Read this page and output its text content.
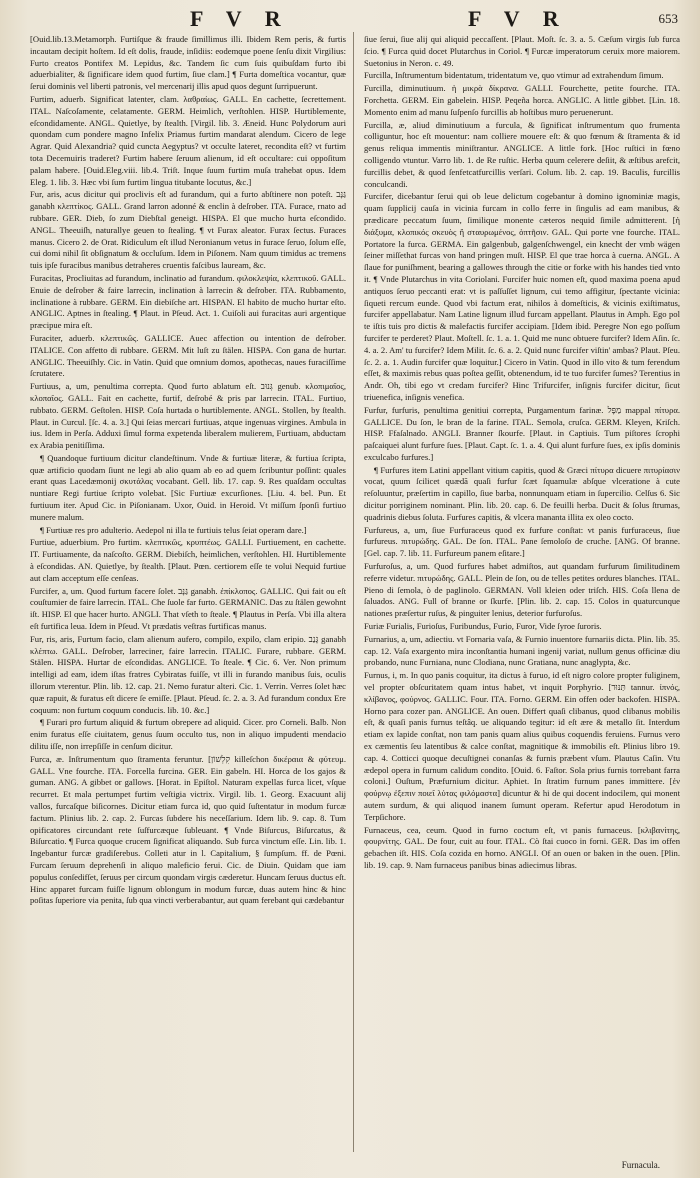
F V R	F V R	653

[Ouid.lib.13.Metamorph. Furtiſque & fraude ſimillimus illi. Ibidem Rem peris, & furtis incautam decipit hoſtem. Id eſt dolis, fraude, inſidiis: eodemque poene ſenſu dixit Virgilius: Furto creatos Pontifex M. Lepidus, &c. Tandem ſic cum ſuis quibuſdam furto ibi aduerbialiter, & ſignificare idem quod furtim, ſiue clam.] ¶ Furta domeſtica vocantur, quæ ſerui dominis vel liberti patronis, vel mercenarij illis apud quos degunt ſurripuerunt.

Furtim, aduerb. Significat latenter, clam. λαθραίως. GALL. En cachette, ſecrettement. ITAL. Naſcoſamente, celatamente. GERM. Heimlich, verſtohlen. HISP. Hurtiblemente, eſcondidamente. ANGL. Quietlye, by ſtealth. [Virgil. lib. 3. Æneid. Hunc Polydorum auri quondam cum pondere magno Infelix Priamus furtim mandarat alendum. Cicero de lege Agrar. Quid Alexandria? quid cuncta Aegyptus? vt occulte lateret, recondita eſt? vt furtim tota Decemuiris traderet? Furtim habere ſeruum alienum, id eſt occultare: cui oppoſitum palam habere. [Ouid.Eleg.viii. lib.4. Triſt. Inque ſuum furtim muſa trahebat opus. Idem Eleg. 1. lib. 3. Hæc vbi ſum furtim lingua titubante locutus, &c.]

Fur, aris, acus dicitur qui proclivis eſt ad furandum, qui a furto abſtinere non poteſt. גַּנָּב ganabh κλεπτίκος. GALL. Grand larron adonné & enclin à deſrober. ITA. Furace, rnato ad rubbare. GER. Dieb, ſo zum Diebſtal geneigt. HISPA. El que mucho hurta eſcondido. ANGL. Theeuiſh, naturallye geuen to ſtealing. ¶ vt Furax aleator. Furax ſectus. Furaces manus. Cicero 2. de Orat. Ridiculum eſt illud Neronianum vetus in furace ſeruo, ſolum eſſe, cui domi nihil ſit obſignatum & occluſum. Idem in Piſonem. Nam quum timidus ac tremens tuis ipſe furacibus manibus detraheres cruentis faſcibus lauream, &c.

Furacitas, Procliuitas ad furandum, inclinatio ad furandum. φιλοκλεψία, κλεπτικοῦ. GALL. Enuie de deſrober & faire larrecin, inclination à larrecin & deſrober. ITA. Rubbamento, inclinatione à rubbare. GERM. Ein diebiſche art. HISPAN. El habito de mucho hurtar eſto. ANGLIC. Aptnes in ſtealing. ¶ Plaut. in Pſeud. Act. 1. Cuiſoli aui furacitas auri argentique præcipue mira eſt.

Furaciter, aduerb. κλεπτικῶς. GALLICE. Auec affection ou intention de deſrober. ITALICE. Con affetto di rubbare. GERM. Mit luſt zu ſtälen. HISPA. Con gana de hurtar. ANGLIC. Theeuiſhly. Cic. in Vatin. Quid que omnium domos, apothecas, naues furaciſſime ſcrutatere.

Furtiuus, a, um, penultima correpta. Quod furto ablatum eſt. גְּנוּב genub. κλοπιμαῖος, κλοπαῖος. GALL. Fait en cachette, furtif, deſrobé & pris par larrecin. ITAL. Furtiuo, rubbato. GERM. Geſtolen. HISP. Coſa hurtada o hurtiblemente. ANGL. Stollen, by ſtealth. Plaut. in Curcul. [ſc. 4. a. 3.] Qui ſeias mercari furtiuas, atque ingenuas virgines. Ambula in ius. Idem in Perſa. Adduxi ſimul forma expetenda liberalem mulierem, Furtiuam, abductam ex Arabia penitiſſima.

¶ Quandoque furtiuum dicitur clandeſtinum. Vnde & furtiuæ literæ, & furtiua ſcripta, quæ artificio quodam ſiunt ne legi ab alio quam ab eo ad quem ſcribuntur poſſint: quales erant quas Lacedæmonij σκυτάλας vocabant. Gell. lib. 17. cap. 9. Res quaſdam occultas nuntiare Regi furtiue ſcripto volebat. [Sic Furtiuæ excurſiones. [Liu. 4. bel. Pun. Et furtiuum iter. Apud Cic. in Piſonianam. Uxor, Ouid. in Heroid. Vt miſſum ſponſi furtiuo munere malum.

¶ Furtiuæ res pro adulterio. Aedepol ni illa te furtiuis telus ſeiat operam dare.]

Furtiue, aduerbium. Pro furtim. κλεπτικῶς, κρυπτέως. GALLI. Furtiuement, en cachette. IT. Furtiuamente, da naſcoſto. GERM. Diebiſch, heimlichen, verſtohlen. HI. Hurtiblemente à eſcondidas. AN. Quietlye, by ſtealth. [Plaut. Pœn. certiorem eſſe te volui Nequid furtiue aut clam acceptum eſſe cenſeas.

Furcifer, a, um. Quod furtum facere ſolet. גַּנָּב ganabh. ἐπίκλοπος. GALLIC. Qui fait ou eſt couſtumier de faire larrecin. ITAL. Che ſuole far furto. GERMANIC. Das zu ſtälen gewohnt iſt. HISP. El que hacer hurto. ANGLI. That vſeth to ſteale. ¶ Plautus in Perſa. Vbi illa altera eſt furtifica leua. Idem in Pſeud. Vt prædatis veſtras furtificas manus.

Fur, ris, aris, Furtum facio, clam alienum aufero, compilo, expilo, clam eripio. גָּנַב ganabh κλέπτω. GALL. Deſrober, larreciner, faire larrecin. ITALIC. Furare, rubbare. GERM. Stälen. HISPA. Hurtar de eſcondidas. ANGLICE. To ſteale. ¶ Cic. 6. Ver. Non primum intelligi ad eam, idem iſtas fratres Cybiratas fuiſſe, vt illi in furando manibus ſuis, oculis illorum vterentur. Plin. lib. 12. cap. 21. Nemo furatur alteri. Cic. 1. Verrin. Verres ſolet hæc quæ rapuit, & furatus eſt dicere ſe emiſſe. [Plaut. Pſeud. ſc. 2. a. 3. Ad furandum condux Ere coquum: non furtum coquum conducis. lib. 10. &c.]

¶ Furari pro furtum aliquid & furtum obrepere ad aliquid. Cicer. pro Corneli. Balb. Non enim furatus eſſe ciuitatem, genus ſuum occulto tus, non in aliquo impudenti mendacio dilitu iſſe, non irrepſiſſe in cenſum dicitur.

Furca, æ. Inſtrumentum quo ſtramenta feruntur. [קִלְשׁוֹן killeſchon δικέραια & φύτευμ. GALL. Vne fourche. ITA. Forcella furcina. GER. Ein gabeln. HI. Horca de los gajos & guman. ANG. A gibbet or gallows. [Horat. in Epiſtol. Naturam expellas furca licet, vſque recurret. Et mala pertumpet furtim veſtigia victrix. Virgil. lib. 1. Georg. Exacuunt alij vallos, furcaſque biſicornes. Dicitur etiam furca id, quo quid ſuſtentatur in modum furcæ factum. Plinius lib. 2. cap. 2. Furcas ſubdere his neceſſarium. Idem lib. 9. cap. 8. Tum opificatores circundant rete ſuſfurcæque ſubleuant. ¶ Vnde Biſurcus, Biſurcatus, & Biſurcatio. ¶ Furca quoque crucem ſignificat aliquando. Sub furca vinctum eſſe. Lin. lib. 1. Ingebantur furcæ gradiſerebus. Colleti atur in l. Capitalium, § ſumpſum. ff. de Pœni. Furcam ſeruum deprehenſi in aliquo maleficio ferui. Cic. de Diuin. Quidam que iam populus conſedifſet, ſeruus per circum quondam virgis cæderetur. Huncam ſeruus ductus eſt. Hinc apparet furcam fuiſſe lignum oblongum in modum furcæ, duas autem hinc & hinc poſitas ſuperiore via penita, ſub qua vincti verberabantur, aut quam ferebant qui cædebantur

ſiue ſerui, ſiue alij qui aliquid peccaſſent. [Plaut. Moſt. ſc. 3. a. 5. Cæſum virgis ſub furca ſcio. ¶ Furca quid docet Plutarchus in Coriol. ¶ Furcæ imperatorum ceruix more maiorem. Suetonius in Neron. c. 49.

Furcilla, Inſtrumentum bidentatum, tridentatum ve, quo vtimur ad extrahendum ſimum.

Furcilla, diminutiuum. ἡ μικρὰ δίκρανα. GALLI. Fourchette, petite fourche. ITA. Forchetta. GERM. Ein gabelein. HISP. Peqeña horca. ANGLIC. A little gibbet. [Lin. 18. Momento enim ad manu ſuſpenſo furcillis ab hoſtibus muro peruenerunt.

Furcilla, æ, aliud diminutiuum a furcula, & ſignificat inſtrumentum quo frumenta colliguntur, hoc eſt mouentur: nam colliere mouere eſt: & quo fœnum & ſtramenta & id genus reliqua immentis miniſtrantur. ANGLICE. A little fork. [Hoc ruſtici in fœno colligendo vtuntur. Varro lib. 1. de Re ruſtic. Herba quum celerere deſiit, & æſtibus arefcit, furcillis debet, & quod ſenfetcatfurcillis verſari. Colum. lib. 2. cap. 19. Baculis, furcillis conculcandi.

Furcifer, dicebantur ſerui qui ob leue delictum cogebantur à domino ignominiæ magis, quam ſupplicij cauſa in vicinia furcam in collo ferre in ſingulis ad eam manibus, & prædicare peccatum ſuum, ſimilique monente cæteros nequid ſimile admitterent. [ἡ διάξυμα, κλοπικός σκευὸς ἢ σταυρωμένος, ὁπτῆσιν. GAL. Qui porte vne fourche. ITAL. Portatore la furca. GERMA. Ein galgenbub, galgenſchwengel, ein knecht der vmb wägen ſeiner miſſethat furcas von hand pringen muſt. HISP. El que trae horca à cuerna. ANGL. A ſlaue for puniſhment, bearing a gallowes through the citie or forke with his handes tied vnto it. ¶ Vnde Plutarchus in vita Coriolani. Furcifer huic nomen eſt, quod maxima poena apud antiquos ſeruo peccanti erat: vt is paſſuſſet lignum, cui temo affigitur, ſpectante vicinia: ſiqueti rercum eunde. Quod vbi factum erat, nihilos à domeſticis, & vicinis exiſtimatus, furcifer appellabatur. Nam Latine lignum illud furcam appellant. Plautus in Amph. Ego pol te iſtis tuis pro dictis & malefactis furcifer accipiam. [Idem ibid. Peregre Non ego poſſum furcifer te perderet? Plaut. Moſtell. ſc. 1. a. 1. Quid me nunc obtuere furcifer? Idem Aſin. ſc. 4. a. 2. Am' tu furcifer? Idem Milit. ſc. 6. a. 2. Quid nunc furcifer viſtin' ambas? Plaut. Pſeu. ſc. 2. a. 1. Audin furcifer quæ loquitur.] Cicero in Vatin. Quod in illo vito & tum ferendum eſſet, & maximis rebus quas poſtea geſſit, obtenendum, id te tuo furcifer ſumes? Terentius in Andr. Oh, tibi ego vt credam furcifer? Hinc Trifurcifer, inſignis furcifer dicitur, ſicut triuenefica, inſignis venefica.

Furfur, furfuris, penultima genitiui correpta, Purgamentum farinæ. מַפָּל mappal πίτυρα. GALLICE. Du ſon, le bran de la farine. ITAL. Semola, cruſca. GERM. Kleyen, Kriſch. HISP. Ffaſalnado. ANGLI. Branner ſkourfe. [Plaut. in Captiuis. Tum piſtores ſcrophi paſcaiquei alunt furfure ſues. [Plaut. Capt. ſc. 1. a. 4. Qui alunt furfure ſues, ex ipſis dominis exculcabo furfures.]

¶ Furfures item Latini appellant vitium capitis, quod & Græci πίτυρα dicuere πιτυρίασιν vocat, quum ſcilicet quædã quaſi furfur ſcæt ſquamulæ abſque vlceratione à cute reſoluuntur, præſertim in capillo, ſiue barba, nonnunquam etiam in ſupercilio. Celſus 6. Sic dicitur porriginem nominant. Plin. lib. 20. cap. 6. De feuilli herba. Ducit & ſolus ſtrumas, quadrinis diebus ſoluta. Furfures capitis, & vlcera mananta illita ex oleo cocto.

Furfureus, a, um, ſiue Furfuraceus quod ex furfure conſtat: vt panis furfuraceus, ſiue furfureus. πιτυρώδης. GAL. De ſon. ITAL. Pane ſemoloſo de cruche. [ANG. Of branne. [Gel. cap. 7. lib. 11. Furfureum panem eſitare.]

Furfuroſus, a, um. Quod furfures habet admiſtos, aut quandam furfurum ſimilitudinem referre videtur. πιτυρώδης. GALL. Plein de ſon, ou de telles petites ordures blanches. ITAL. Pieno di ſemola, ò de paglinolo. GERMAN. Voll kleien oder triſch. HIS. Coſa llena de ſaluados. ANG. Full of branne or ſkurfe. [Plin. lib. 2. cap. 15. Colos in quaturcunque nationes præſertur ruſus, & pinguiter lenius, deterior furfuroſus.

Furiæ Furialis, Furioſus, Furibundus, Furio, Furor, Vide ſyroe ſuroris.

Furnarius, a, um, adiectiu. vt Fornaria vaſa, & Furnio inuentore furnariis dicta. Plin. lib. 35. cap. 12. Vaſa exargento mira inconſtantia humani ingenij variat, nullum genus officinæ diu probando, nunc Furniana, nunc Clodiana, nunc Gratiana, nunc anaglypta, &c.

Furnus, i, m. In quo panis coquitur, ita dictus à furuo, id eſt nigro colore propter fuliginem, vel propter obſcuritatem quam intus habet, vt inquit Porphyrio. [תַּנּוּר tannur. ἰπνός, κλίβανος, φούρνος. GALLIC. Four. ITA. Forno. GERM. Ein offen oder backofen. HISPA. Horno para cozer pan. ANGLICE. An ouen. Differt quaſi clibanus, quod clibanus mobilis eſt, & quaſi panis furnus teſtâq. ue aliquando tegitur: id eſt ære & metallo ſit. Interdum etiam ex lapide conſtat, non tam panis quam alius quibus coquendis feruiens. Furnus vero ex cæmentis ſeu latentibus & calce conſtat, magnitique & immobilis eſt. Plinius libro 19. cap. 4. Cotticci quoque decuſtignei conanſas & furnis præbent vſum. Plautus Caſin. Vtu ædepol opera in furnum calidum condito. [Ouid. 6. Faſtor. Sola prius furnis torrebant farra coloni.] Ouſtum, Præfurnium dicitur. Aphiet. In ſtratim furnum panes immittere. [ἐν φούρνῳ ἐξεπιν ποιεῖ λὐτας φιλόμαστα] dicuntur & hi de qui docent indocilem, qui monent autem surdum, & qui aliquod inanem ſumunt operam. Refertur apud Herodotum in Terpſichore.

Furnaceus, cea, ceum. Quod in furno coctum eſt, vt panis furnaceus. [κλιβανίτης, φουρνίτης. GAL. De four, cuit au four. ITAL. Cò ſtai cuoco in forni. GER. Das im offen gebachen iſt. HIS. Coſa cozida en horno. ANGLI. Of an ouen or baken in the ouen. [Plin. lib. 19. cap. 9. Nam furnaceus panibus binas adiecimus libras.

Furnacula.
